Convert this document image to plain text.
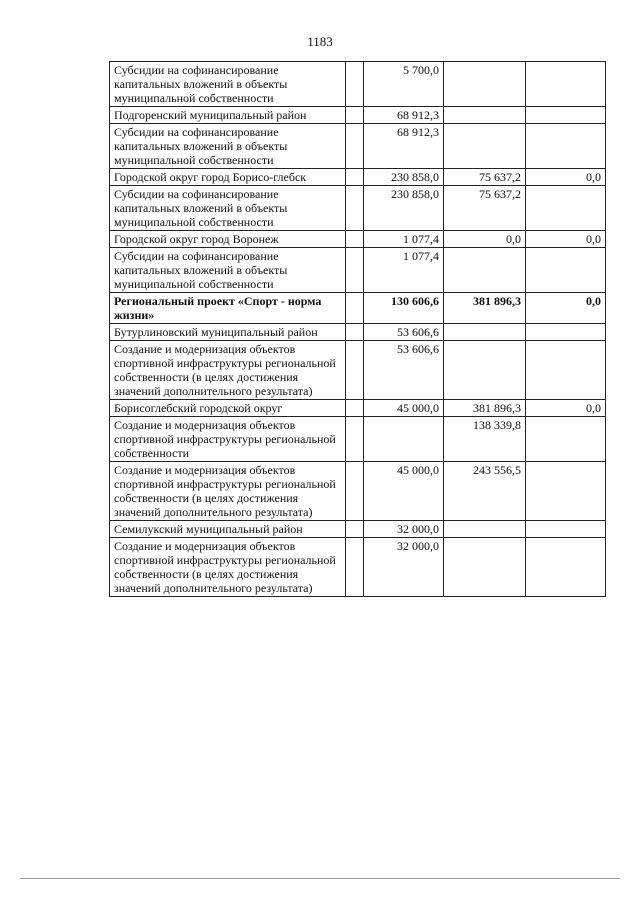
1183
Субсидии на софинансирование капитальных вложений в объекты муниципальной собственности		5 700,0		
Подгоренский муниципальный район		68 912,3		
Субсидии на софинансирование капитальных вложений в объекты муниципальной собственности		68 912,3		
Городской округ город Борисо-глебск		230 858,0	75 637,2	0,0
Субсидии на софинансирование капитальных вложений в объекты муниципальной собственности		230 858,0	75 637,2	
Городской округ город Воронеж		1 077,4	0,0	0,0
Субсидии на софинансирование капитальных вложений в объекты муниципальной собственности		1 077,4		
Региональный проект «Спорт - норма жизни»		130 606,6	381 896,3	0,0
Бутурлиновский муниципальный район		53 606,6		
Создание и модернизация объектов спортивной инфраструктуры регионaльной собственности (в целях достижения значений дополнительного результата)		53 606,6		
Борисоглебский городской округ		45 000,0	381 896,3	0,0
Создание и модернизация объектов спортивной инфраструктуры регионaльной собственности			138 339,8	
Создание и модернизация объектов спортивной инфраструктуры регионaльной собственности (в целях достижения значений дополнительного результата)		45 000,0	243 556,5	
Семилукский муниципальный район		32 000,0		
Создание и модернизация объектов спортивной инфраструктуры регионaльной собственности (в целях достижения значений дополнительного результата)		32 000,0		
